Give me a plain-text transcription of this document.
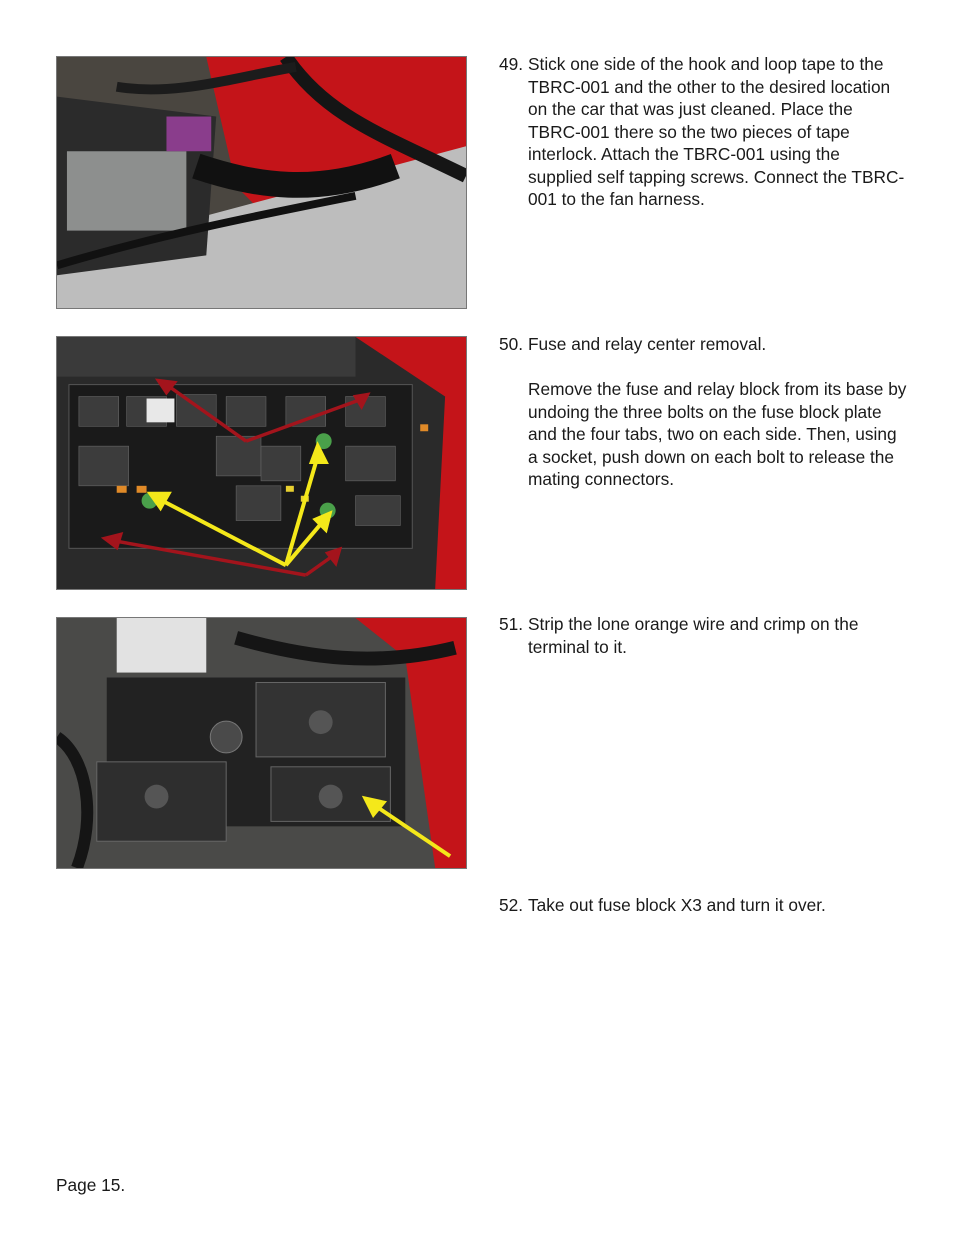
49. Stick one side of the hook and loop tape to the TBRC-001 and the other to the desired location on the car that was just cleaned. Place the TBRC-001 there so the two pieces of tape interlock. Attach the TBRC-001 using the supplied self tapping screws. Connect the TBRC-001 to the fan harness.

50. Fuse and relay center removal.

Remove the fuse and relay block from its base by undoing the three bolts on the fuse block plate and the four tabs, two on each side. Then, using a socket, push down on each bolt to release the mating connectors.

51. Strip the lone orange wire and crimp on the terminal to it.

52. Take out fuse block X3 and turn it over.

Page 15.
